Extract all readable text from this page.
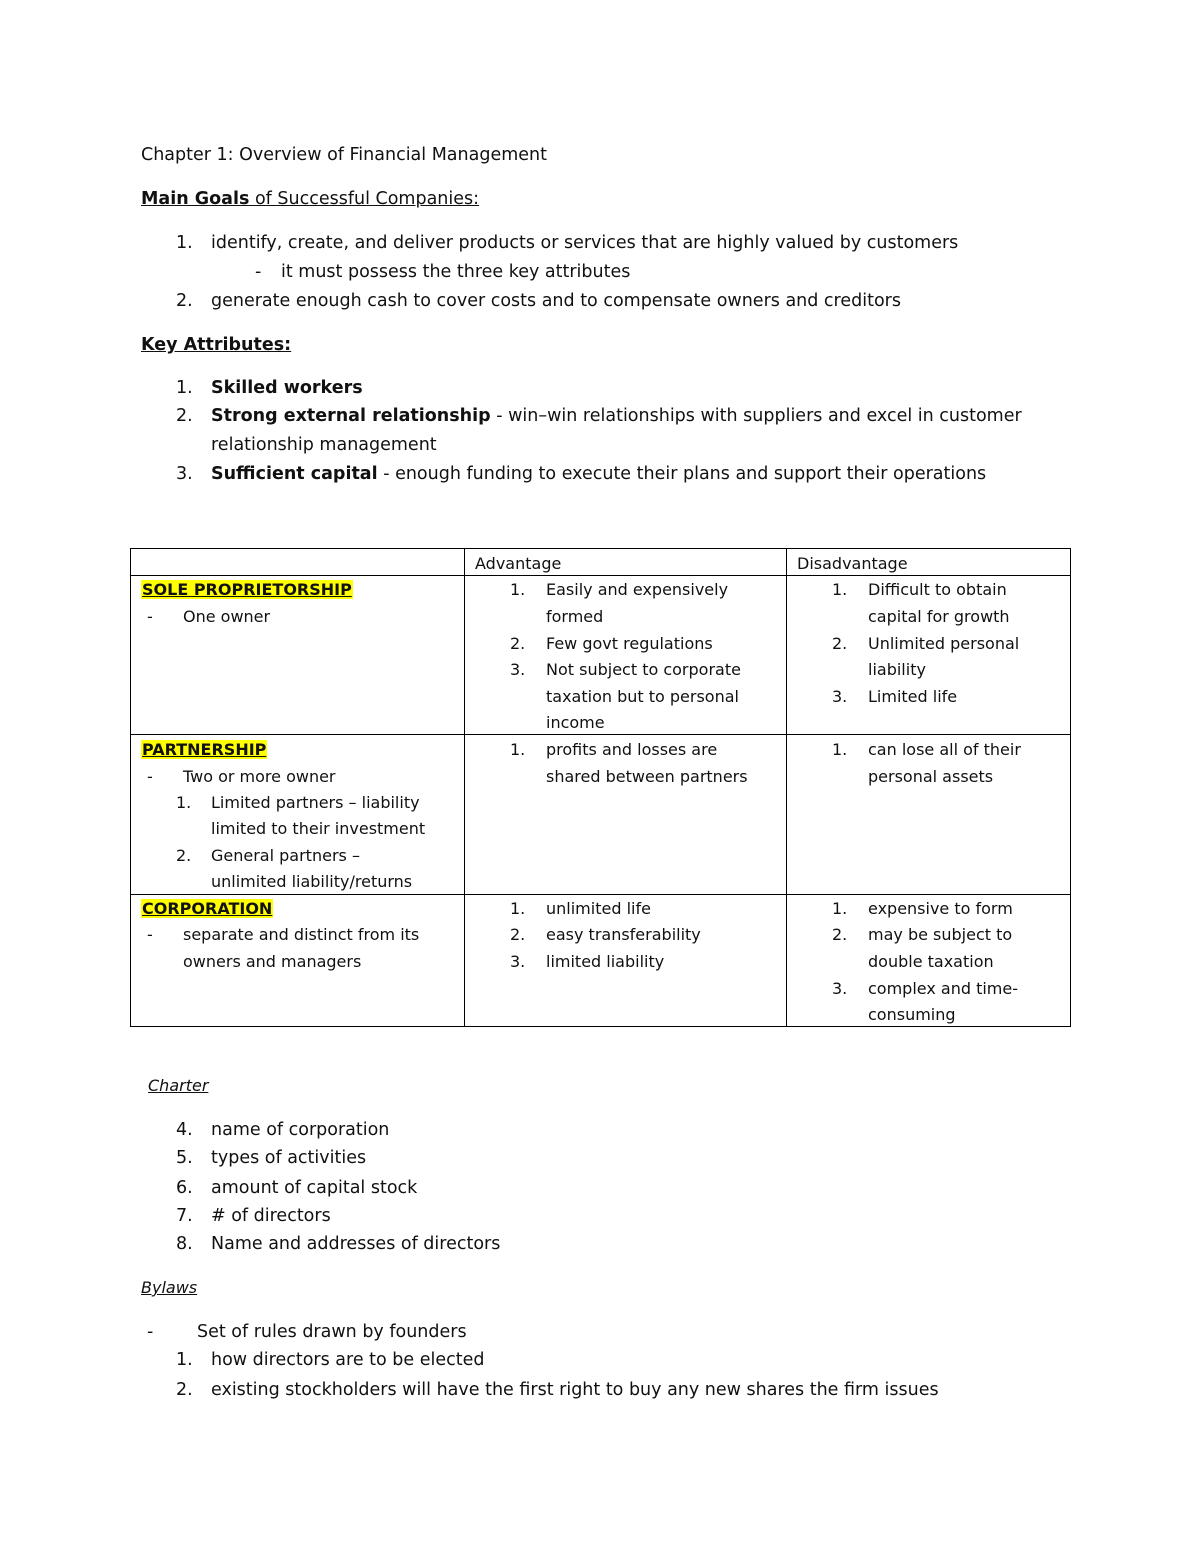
Chapter 1: Overview of Financial Management
Main Goals of Successful Companies:
1. identify, create, and deliver products or services that are highly valued by customers
- it must possess the three key attributes
2. generate enough cash to cover costs and to compensate owners and creditors
Key Attributes:
1. Skilled workers
2. Strong external relationship - win–win relationships with suppliers and excel in customer
relationship management
3. Sufficient capital - enough funding to execute their plans and support their operations
Advantage	Disadvantage
SOLE PROPRIETORSHIP
- One owner
1. Easily and expensively
formed
2. Few govt regulations
3. Not subject to corporate
taxation but to personal
income
1. Difficult to obtain
capital for growth
2. Unlimited personal
liability
3. Limited life
PARTNERSHIP
- Two or more owner
1. Limited partners – liability
limited to their investment
2. General partners –
unlimited liability/returns
1. profits and losses are
shared between partners
1. can lose all of their
personal assets
CORPORATION
- separate and distinct from its
owners and managers
1. unlimited life
2. easy transferability
3. limited liability
1. expensive to form
2. may be subject to
double taxation
3. complex and time-
consuming
Charter
4. name of corporation
5. types of activities
6. amount of capital stock
7. # of directors
8. Name and addresses of directors
Bylaws
- Set of rules drawn by founders
1. how directors are to be elected
2. existing stockholders will have the first right to buy any new shares the firm issues
